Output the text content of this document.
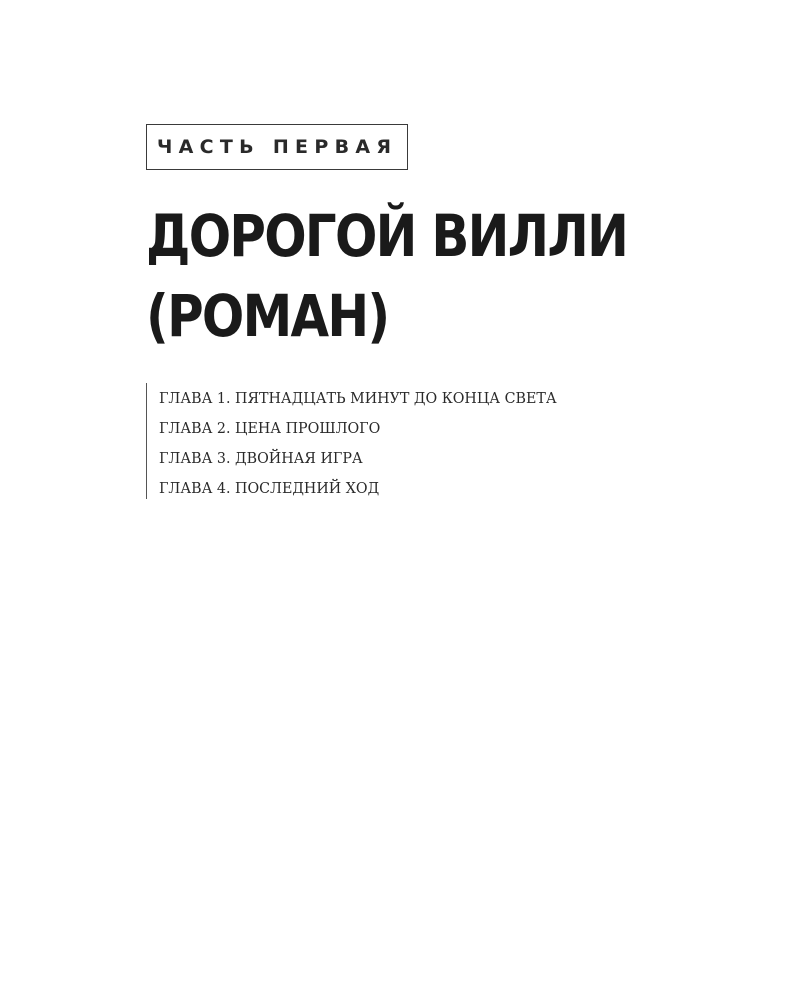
ЧАСТЬ ПЕРВАЯ
ДОРОГОЙ ВИЛЛИ
(РОМАН)
ГЛАВА 1. ПЯТНАДЦАТЬ МИНУТ ДО КОНЦА СВЕТА
ГЛАВА 2. ЦЕНА ПРОШЛОГО
ГЛАВА 3. ДВОЙНАЯ ИГРА
ГЛАВА 4. ПОСЛЕДНИЙ ХОД
